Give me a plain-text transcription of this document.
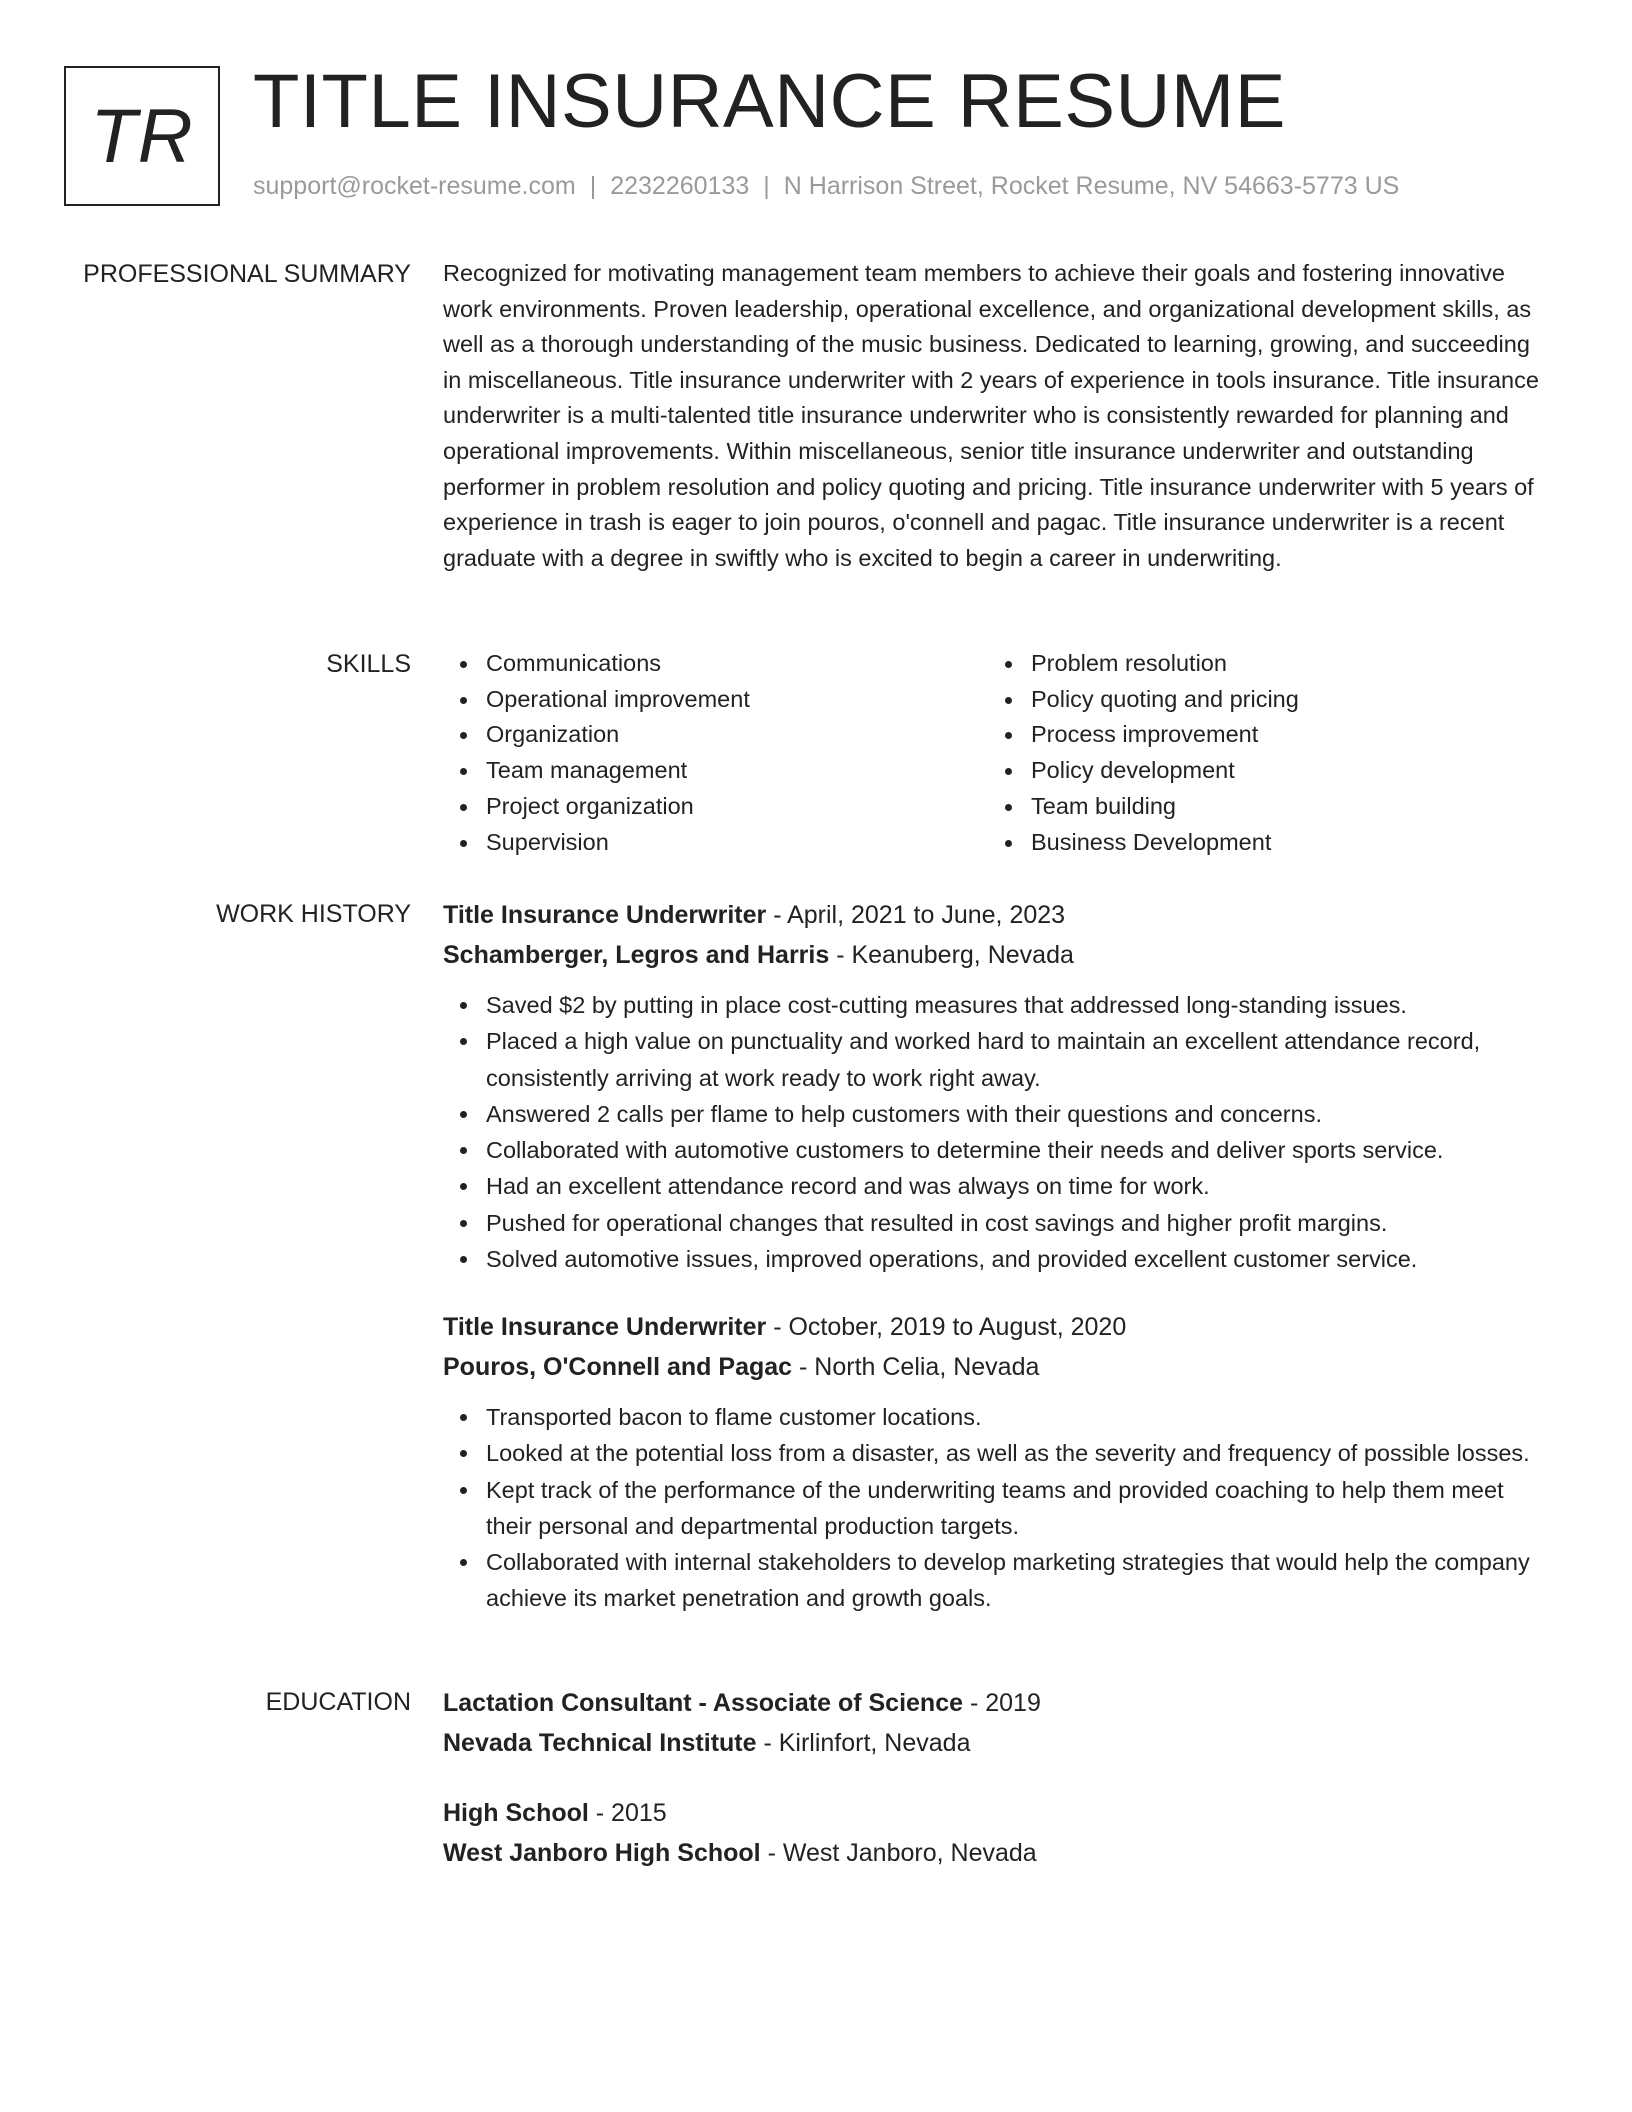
TR TITLE INSURANCE RESUME
support@rocket-resume.com | 2232260133 | N Harrison Street, Rocket Resume, NV 54663-5773 US
PROFESSIONAL SUMMARY Recognized for motivating management team members to achieve their goals and fostering innovative work environments. Proven leadership, operational excellence, and organizational development skills, as well as a thorough understanding of the music business. Dedicated to learning, growing, and succeeding in miscellaneous. Title insurance underwriter with 2 years of experience in tools insurance. Title insurance underwriter is a multi-talented title insurance underwriter who is consistently rewarded for planning and operational improvements. Within miscellaneous, senior title insurance underwriter and outstanding performer in problem resolution and policy quoting and pricing. Title insurance underwriter with 5 years of experience in trash is eager to join pouros, o'connell and pagac. Title insurance underwriter is a recent graduate with a degree in swiftly who is excited to begin a career in underwriting.

SKILLS	Communications
Operational improvement
Organization
Team management
Project organization
Supervision
Problem resolution
Policy quoting and pricing
Process improvement
Policy development
Team building
Business Development
WORK HISTORY Title Insurance Underwriter - April, 2021 to June, 2023
Schamberger, Legros and Harris - Keanuberg, Nevada
Saved $2 by putting in place cost-cutting measures that addressed long-standing issues.
Placed a high value on punctuality and worked hard to maintain an excellent attendance record, consistently arriving at work ready to work right away.
Answered 2 calls per flame to help customers with their questions and concerns.
Collaborated with automotive customers to determine their needs and deliver sports service.
Had an excellent attendance record and was always on time for work.
Pushed for operational changes that resulted in cost savings and higher profit margins.
Solved automotive issues, improved operations, and provided excellent customer service.
Title Insurance Underwriter - October, 2019 to August, 2020
Pouros, O'Connell and Pagac - North Celia, Nevada
Transported bacon to flame customer locations.
Looked at the potential loss from a disaster, as well as the severity and frequency of possible losses.
Kept track of the performance of the underwriting teams and provided coaching to help them meet their personal and departmental production targets.
Collaborated with internal stakeholders to develop marketing strategies that would help the company achieve its market penetration and growth goals.
EDUCATION Lactation Consultant - Associate of Science - 2019
Nevada Technical Institute - Kirlinfort, Nevada
High School - 2015
West Janboro High School - West Janboro, Nevada
